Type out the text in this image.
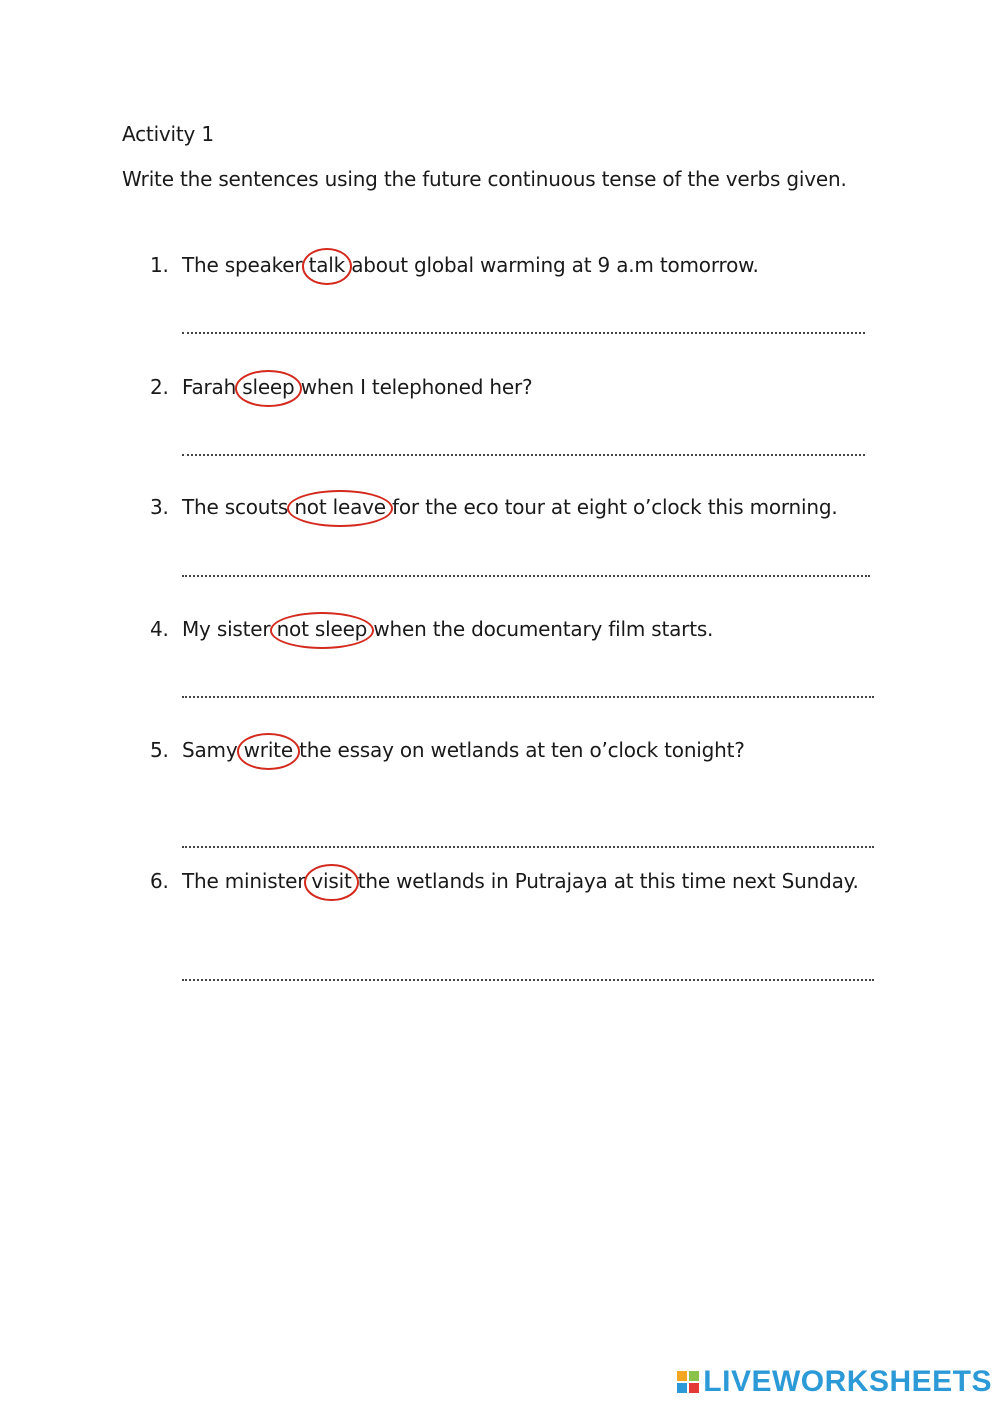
Activity 1
Write the sentences using the future continuous tense of the verbs given.
1. The speaker talk about global warming at 9 a.m tomorrow.
2. Farah sleep when I telephoned her?
3. The scouts not leave for the eco tour at eight o’clock this morning.
4. My sister not sleep when the documentary film starts.
5. Samy write the essay on wetlands at ten o’clock tonight?
6. The minister visit the wetlands in Putrajaya at this time next Sunday.
LIVEWORKSHEETS
